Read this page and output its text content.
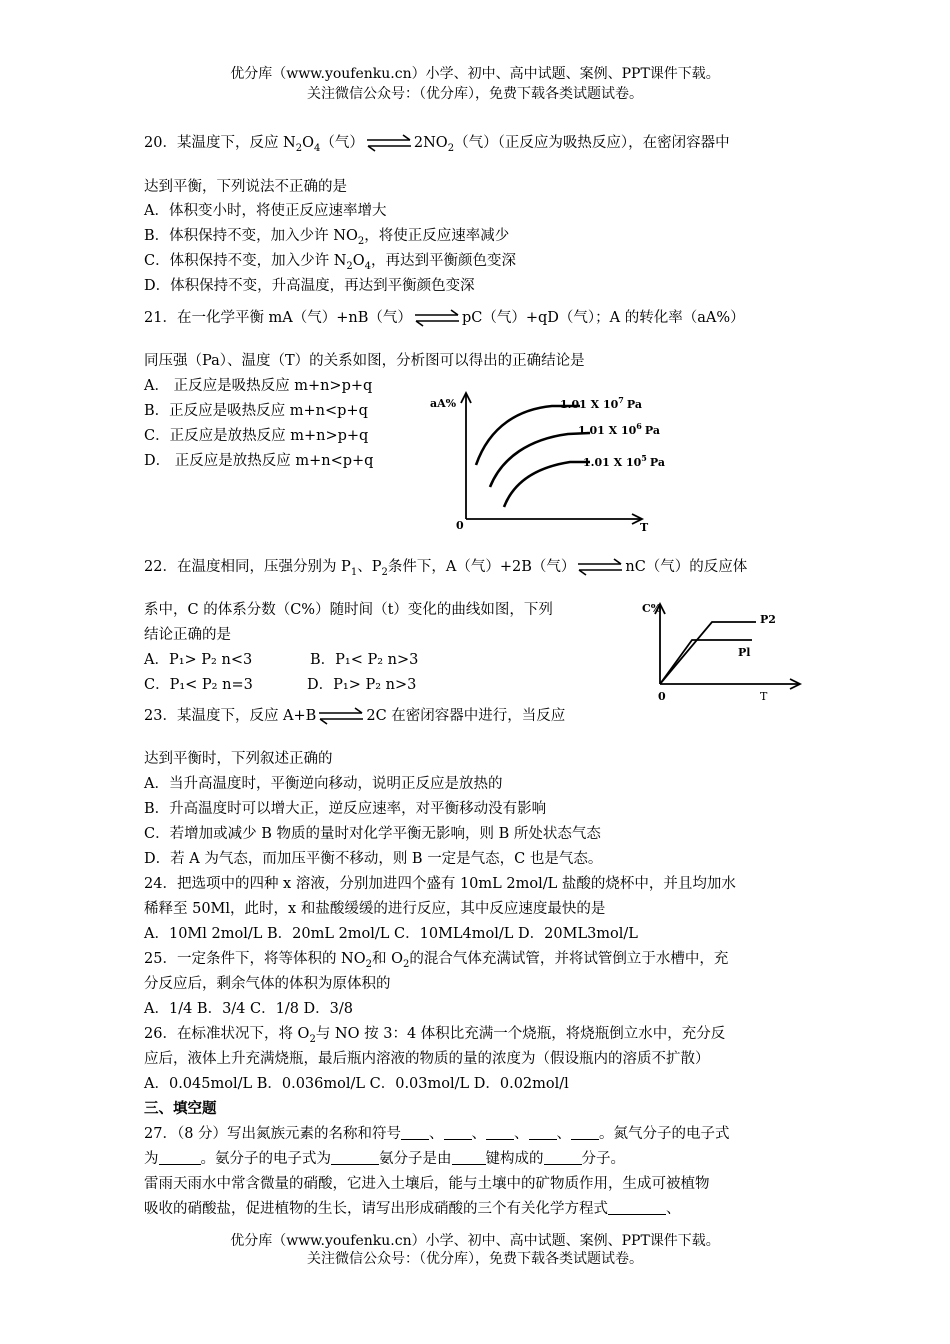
优分库（www.youfenku.cn）小学、初中、高中试题、案例、PPT课件下载。
关注微信公众号：（优分库），免费下载各类试题试卷。
20．某温度下，反应 $N_2O_4$（气） ⇌ $2NO_2$（气）（正反应为吸热反应），在密闭容器中
达到平衡，下列说法不正确的是
A．体积变小时，将使正反应速率增大
B．体积保持不变，加入少许 $NO_2$，将使正反应速率减少
C．体积保持不变，加入少许 $N_2O_4$，再达到平衡颜色变深
D．体积保持不变，升高温度，再达到平衡颜色变深
21．在一化学平衡 mA（气）+nB（气） ⇌ pC（气）+qD（气）；A 的转化率（aA%）
同压强（Pa）、温度（T）的关系如图，分析图可以得出的正确结论是
A． 正反应是吸热反应 m+n>p+q
B．正反应是吸热反应 m+n<p+q
C．正反应是放热反应 m+n>p+q
D． 正反应是放热反应 m+n<p+q
aA%
T
0
1.01 X $10^7$ Pa
1.01 X $10^6$ Pa
1.01 X $10^5$ Pa
22．在温度相同，压强分别为 $P_1$、$P_2$条件下，A（气）+2B（气） ⇌ nC（气）的反应体
系中，C 的体系分数（C%）随时间（t）变化的曲线如图，下列
结论正确的是
A．P₁> P₂ n<3	B．P₁< P₂ n>3
C．P₁< P₂ n=3	D．P₁> P₂ n>3
C%
T
0
P2
Pl
23．某温度下，反应 A+B ⇌ 2C 在密闭容器中进行，当反应
达到平衡时，下列叙述正确的
A．当升高温度时，平衡逆向移动，说明正反应是放热的
B．升高温度时可以增大正，逆反应速率，对平衡移动没有影响
C．若增加或减少 B 物质的量时对化学平衡无影响，则 B 所处状态气态
D．若 A 为气态，而加压平衡不移动，则 B 一定是气态，C 也是气态。
24．把选项中的四种 x 溶液，分别加进四个盛有 10mL 2mol/L 盐酸的烧杯中，并且均加水
稀释至 50Ml，此时，x 和盐酸缓缓的进行反应，其中反应速度最快的是
A．10Ml 2mol/L B．20mL 2mol/L C．10ML4mol/L D．20ML3mol/L
25．一定条件下，将等体积的 $NO_2$和 $O_2$的混合气体充满试管，并将试管倒立于水槽中，充
分反应后，剩余气体的体积为原体积的
A．1/4 B．3/4 C．1/8 D．3/8
26．在标准状况下，将 $O_2$与 NO 按 3：4 体积比充满一个烧瓶，将烧瓶倒立水中，充分反
应后，液体上升充满烧瓶，最后瓶内溶液的物质的量的浓度为（假设瓶内的溶质不扩散）
A．0.045mol/L B．0.036mol/L C．0.03mol/L D．0.02mol/l
三、填空题
27．（8 分）写出氮族元素的名称和符号 、 、 、 、 。氮气分子的电子式
为	。氨分子的电子式为	氨分子是由 键构成的	分子。
雷雨天雨水中常含微量的硝酸，它进入土壤后，能与土壤中的矿物质作用，生成可被植物
吸收的硝酸盐，促进植物的生长，请写出形成硝酸的三个有关化学方程式	、
优分库（www.youfenku.cn）小学、初中、高中试题、案例、PPT课件下载。
关注微信公众号：（优分库），免费下载各类试题试卷。
